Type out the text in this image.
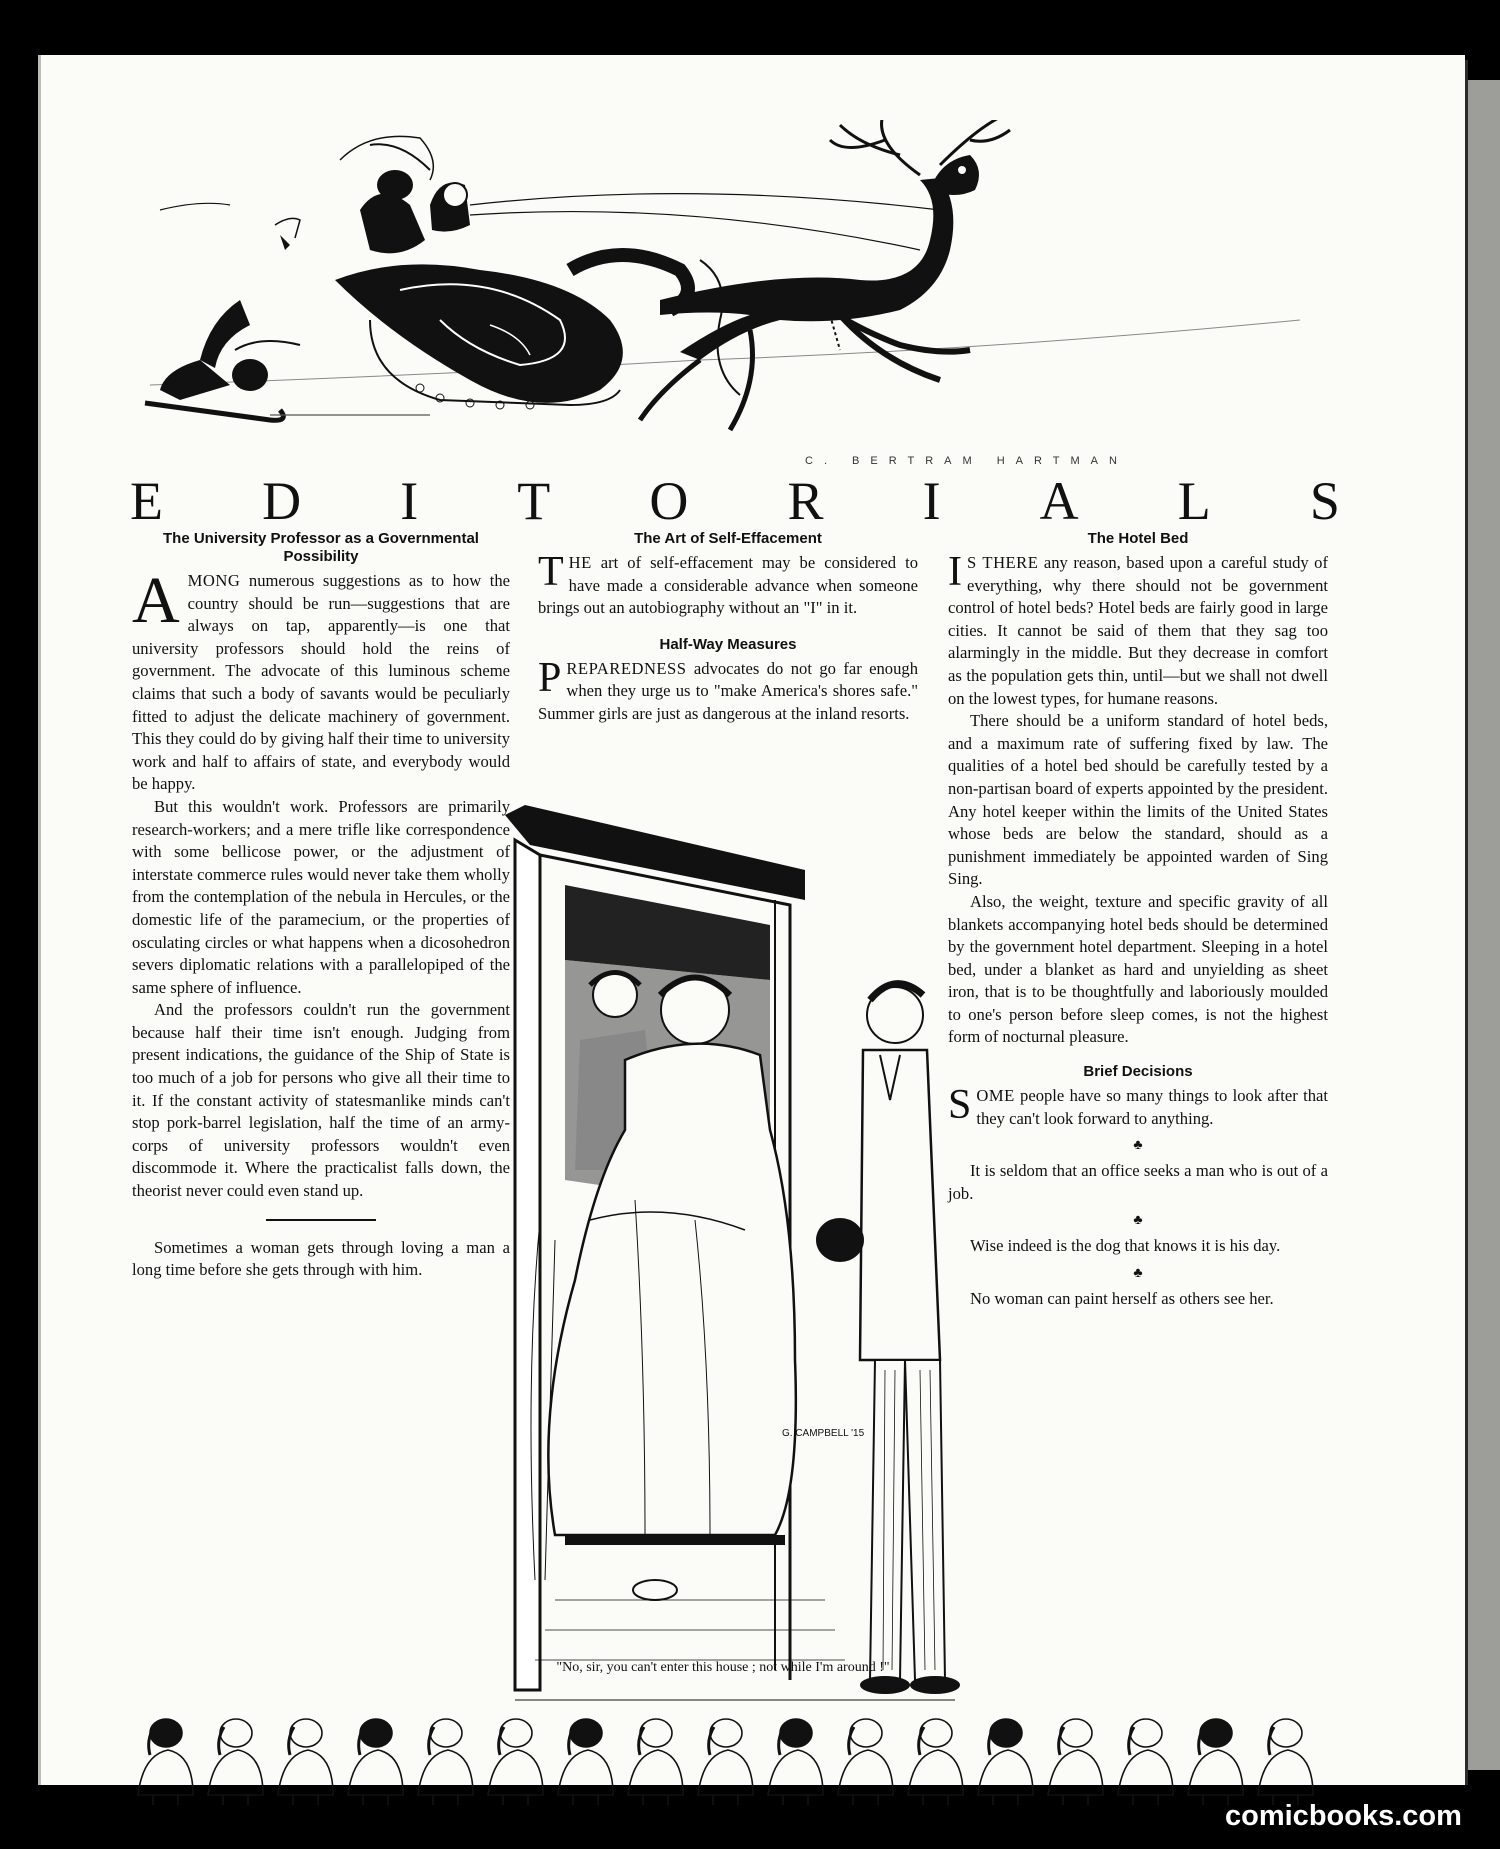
C. BERTRAM HARTMAN
E D I T O R I A L S
The University Professor as a Governmental Possibility

AMONG numerous suggestions as to how the country should be run—suggestions that are always on tap, apparently—is one that university professors should hold the reins of government. The advocate of this luminous scheme claims that such a body of savants would be peculiarly fitted to adjust the delicate machinery of government. This they could do by giving half their time to university work and half to affairs of state, and everybody would be happy.

But this wouldn't work. Professors are primarily research-workers; and a mere trifle like correspondence with some bellicose power, or the adjustment of interstate commerce rules would never take them wholly from the contemplation of the nebula in Hercules, or the domestic life of the paramecium, or the properties of osculating circles or what happens when a dicosohedron severs diplomatic relations with a parallelopiped of the same sphere of influence.

And the professors couldn't run the government because half their time isn't enough. Judging from present indications, the guidance of the Ship of State is too much of a job for persons who give all their time to it. If the constant activity of statesmanlike minds can't stop pork-barrel legislation, half the time of an army-corps of university professors wouldn't even discommode it. Where the practicalist falls down, the theorist never could even stand up.

Sometimes a woman gets through loving a man a long time before she gets through with him.

The Art of Self-Effacement

THE art of self-effacement may be considered to have made a considerable advance when someone brings out an autobiography without an "I" in it.

Half-Way Measures

PREPAREDNESS advocates do not go far enough when they urge us to "make America's shores safe." Summer girls are just as dangerous at the inland resorts.

G. CAMPBELL '15
"No, sir, you can't enter this house ; not while I'm around !"
The Hotel Bed

I S THERE any reason, based upon a careful study of everything, why there should not be government control of hotel beds? Hotel beds are fairly good in large cities. It cannot be said of them that they sag too alarmingly in the middle. But they decrease in comfort as the population gets thin, until—but we shall not dwell on the lowest types, for humane reasons.

There should be a uniform standard of hotel beds, and a maximum rate of suffering fixed by law. The qualities of a hotel bed should be carefully tested by a non-partisan board of experts appointed by the president. Any hotel keeper within the limits of the United States whose beds are below the standard, should as a punishment immediately be appointed warden of Sing Sing.

Also, the weight, texture and specific gravity of all blankets accompanying hotel beds should be determined by the government hotel department. Sleeping in a hotel bed, under a blanket as hard and unyielding as sheet iron, that is to be thoughtfully and laboriously moulded to one's person before sleep comes, is not the highest form of nocturnal pleasure.

Brief Decisions

SOME people have so many things to look after that they can't look forward to anything.

♣

It is seldom that an office seeks a man who is out of a job.

♣

Wise indeed is the dog that knows it is his day.

♣

No woman can paint herself as others see her.

comicbooks.com
